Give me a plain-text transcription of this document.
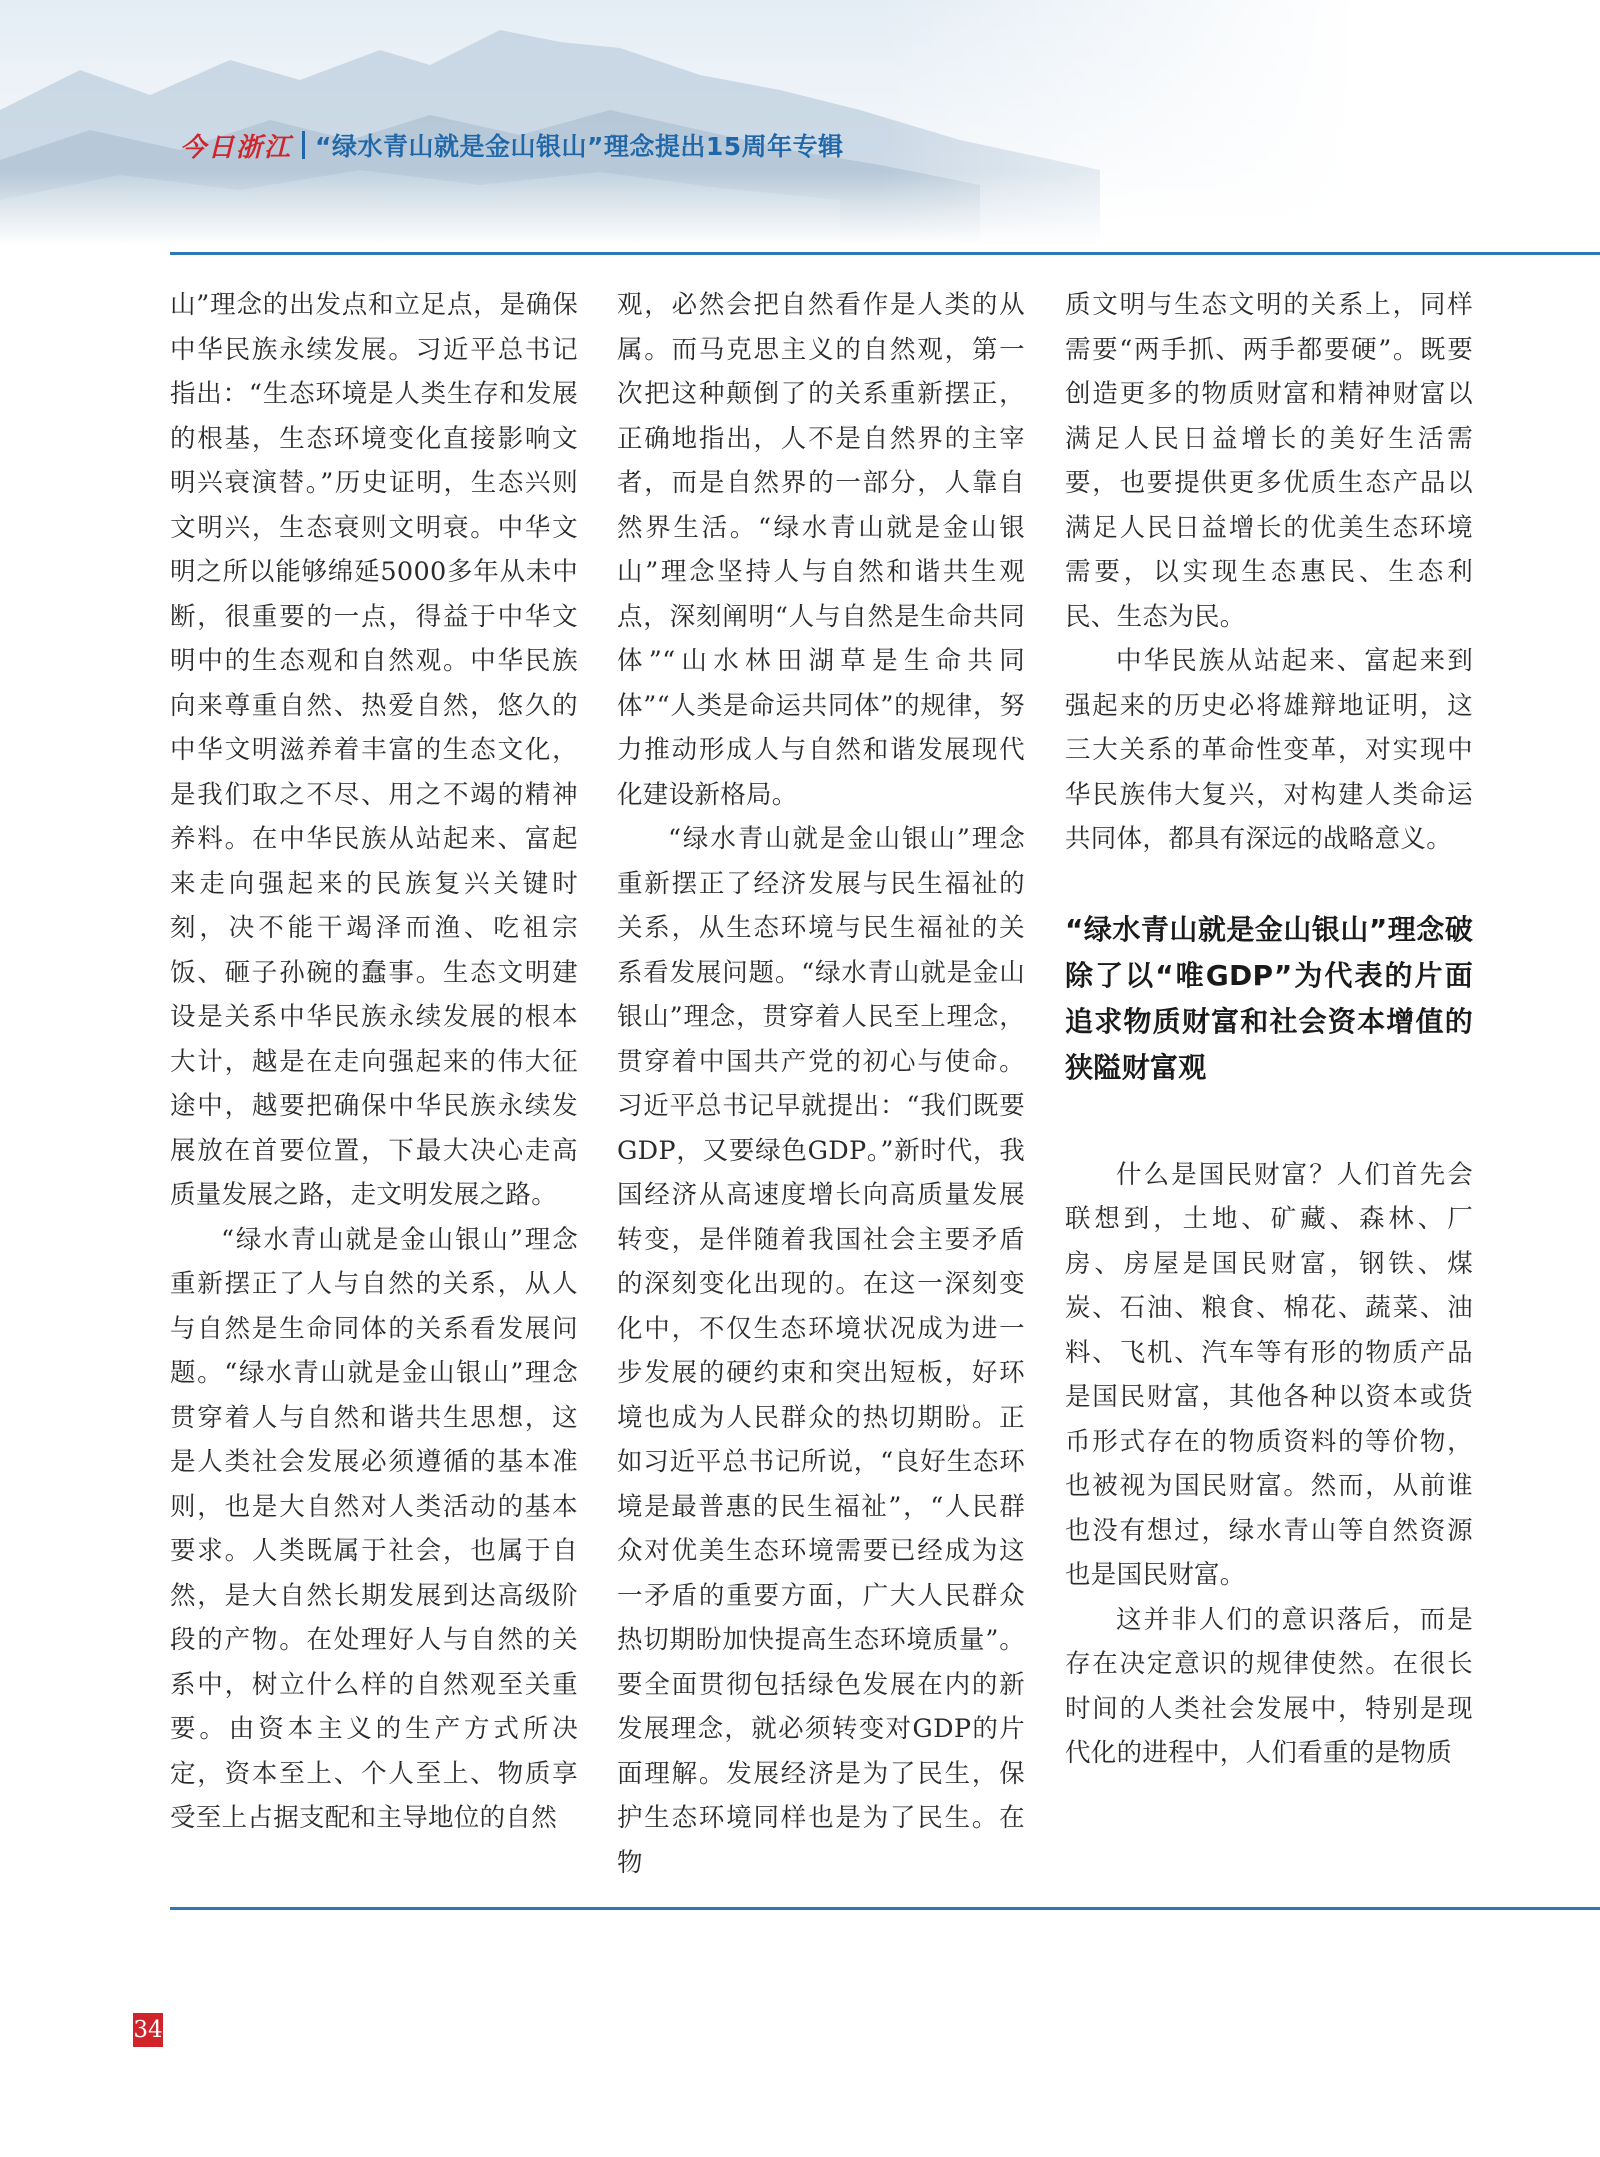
今日浙江 “绿水青山就是金山银山”理念提出15周年专辑

山”理念的出发点和立足点，是确保中华民族永续发展。习近平总书记指出：“生态环境是人类生存和发展的根基，生态环境变化直接影响文明兴衰演替。”历史证明，生态兴则文明兴，生态衰则文明衰。中华文明之所以能够绵延5000多年从未中断，很重要的一点，得益于中华文明中的生态观和自然观。中华民族向来尊重自然、热爱自然，悠久的中华文明滋养着丰富的生态文化，是我们取之不尽、用之不竭的精神养料。在中华民族从站起来、富起来走向强起来的民族复兴关键时刻，决不能干竭泽而渔、吃祖宗饭、砸子孙碗的蠢事。生态文明建设是关系中华民族永续发展的根本大计，越是在走向强起来的伟大征途中，越要把确保中华民族永续发展放在首要位置，下最大决心走高质量发展之路，走文明发展之路。

“绿水青山就是金山银山”理念重新摆正了人与自然的关系，从人与自然是生命同体的关系看发展问题。“绿水青山就是金山银山”理念贯穿着人与自然和谐共生思想，这是人类社会发展必须遵循的基本准则，也是大自然对人类活动的基本要求。人类既属于社会，也属于自然，是大自然长期发展到达高级阶段的产物。在处理好人与自然的关系中，树立什么样的自然观至关重要。由资本主义的生产方式所决定，资本至上、个人至上、物质享受至上占据支配和主导地位的自然

观，必然会把自然看作是人类的从属。而马克思主义的自然观，第一次把这种颠倒了的关系重新摆正，正确地指出，人不是自然界的主宰者，而是自然界的一部分，人靠自然界生活。“绿水青山就是金山银山”理念坚持人与自然和谐共生观点，深刻阐明“人与自然是生命共同体”“山水林田湖草是生命共同体”“人类是命运共同体”的规律，努力推动形成人与自然和谐发展现代化建设新格局。

“绿水青山就是金山银山”理念重新摆正了经济发展与民生福祉的关系，从生态环境与民生福祉的关系看发展问题。“绿水青山就是金山银山”理念，贯穿着人民至上理念，贯穿着中国共产党的初心与使命。习近平总书记早就提出：“我们既要GDP，又要绿色GDP。”新时代，我国经济从高速度增长向高质量发展转变，是伴随着我国社会主要矛盾的深刻变化出现的。在这一深刻变化中，不仅生态环境状况成为进一步发展的硬约束和突出短板，好环境也成为人民群众的热切期盼。正如习近平总书记所说，“良好生态环境是最普惠的民生福祉”，“人民群众对优美生态环境需要已经成为这一矛盾的重要方面，广大人民群众热切期盼加快提高生态环境质量”。要全面贯彻包括绿色发展在内的新发展理念，就必须转变对GDP的片面理解。发展经济是为了民生，保护生态环境同样也是为了民生。在物

质文明与生态文明的关系上，同样需要“两手抓、两手都要硬”。既要创造更多的物质财富和精神财富以满足人民日益增长的美好生活需要，也要提供更多优质生态产品以满足人民日益增长的优美生态环境需要，以实现生态惠民、生态利民、生态为民。

中华民族从站起来、富起来到强起来的历史必将雄辩地证明，这三大关系的革命性变革，对实现中华民族伟大复兴，对构建人类命运共同体，都具有深远的战略意义。

“绿水青山就是金山银山”理念破除了以“唯GDP”为代表的片面追求物质财富和社会资本增值的狭隘财富观

什么是国民财富？人们首先会联想到，土地、矿藏、森林、厂房、房屋是国民财富，钢铁、煤炭、石油、粮食、棉花、蔬菜、油料、飞机、汽车等有形的物质产品是国民财富，其他各种以资本或货币形式存在的物质资料的等价物，也被视为国民财富。然而，从前谁也没有想过，绿水青山等自然资源也是国民财富。

这并非人们的意识落后，而是存在决定意识的规律使然。在很长时间的人类社会发展中，特别是现代化的进程中，人们看重的是物质

34
